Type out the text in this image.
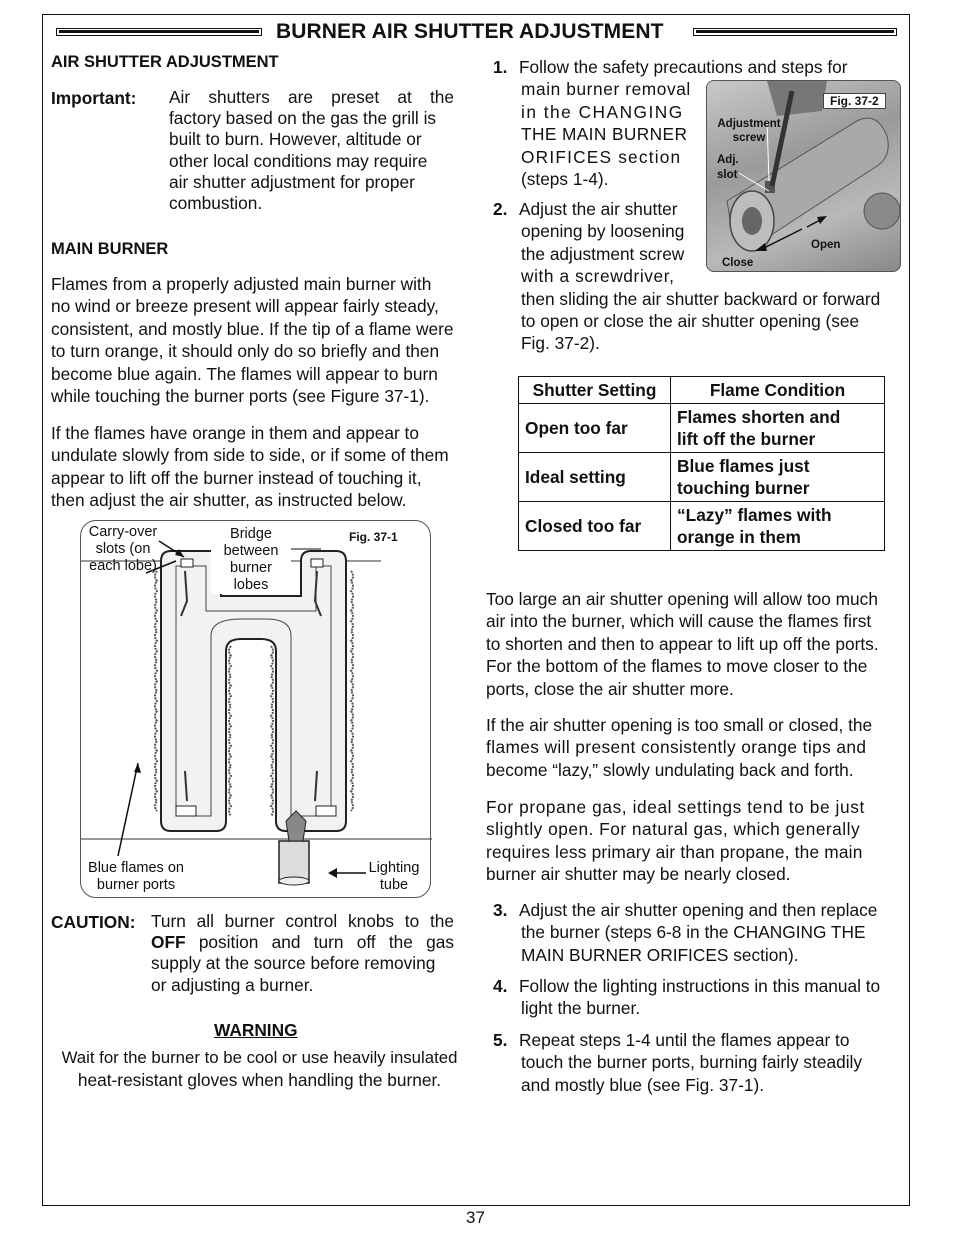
BURNER AIR SHUTTER ADJUSTMENT
AIR SHUTTER ADJUSTMENT
Important: Air shutters are preset at the
factory based on the gas the grill is
built to burn. However, altitude or
other local conditions may require
air shutter adjustment for proper
combustion.
MAIN BURNER
Flames from a properly adjusted main burner with
no wind or breeze present will appear fairly steady,
consistent, and mostly blue. If the tip of a flame were
to turn orange, it should only do so briefly and then
become blue again. The flames will appear to burn
while touching the burner ports (see Figure 37-1).
If the flames have orange in them and appear to
undulate slowly from side to side, or if some of them
appear to lift off the burner instead of touching it,
then adjust the air shutter, as instructed below.
Fig. 37-1
Carry-over
slots (on
each lobe)
Bridge
between
burner
lobes
Blue flames on
burner ports
Lighting
tube
CAUTION: Turn all burner control knobs to the
OFF position and turn off the gas
supply at the source before removing
or adjusting a burner.
WARNING
Wait for the burner to be cool or use heavily insulated
heat-resistant gloves when handling the burner.
1. Follow the safety precautions and steps for
main burner removal
in the CHANGING
THE MAIN BURNER
ORIFICES section
(steps 1-4).
2. Adjust the air shutter
opening by loosening
the adjustment screw
with a screwdriver,
then sliding the air shutter backward or forward
to open or close the air shutter opening (see
Fig. 37-2).
Fig. 37-2
Adjustment
screw
Adj.
slot
Open
Close
Shutter Setting	Flame Condition
Open too far	Flames shorten and
lift off the burner

Ideal setting	Blue flames just
touching burner

Closed too far	“Lazy” flames with
orange in them
Too large an air shutter opening will allow too much
air into the burner, which will cause the flames first
to shorten and then to appear to lift up off the ports.
For the bottom of the flames to move closer to the
ports, close the air shutter more.
If the air shutter opening is too small or closed, the
flames will present consistently orange tips and
become “lazy,” slowly undulating back and forth.
For propane gas, ideal settings tend to be just
slightly open. For natural gas, which generally
requires less primary air than propane, the main
burner air shutter may be nearly closed.
3. Adjust the air shutter opening and then replace
the burner (steps 6-8 in the CHANGING THE
MAIN BURNER ORIFICES section).
4. Follow the lighting instructions in this manual to
light the burner.
5. Repeat steps 1-4 until the flames appear to
touch the burner ports, burning fairly steadily
and mostly blue (see Fig. 37-1).
37
